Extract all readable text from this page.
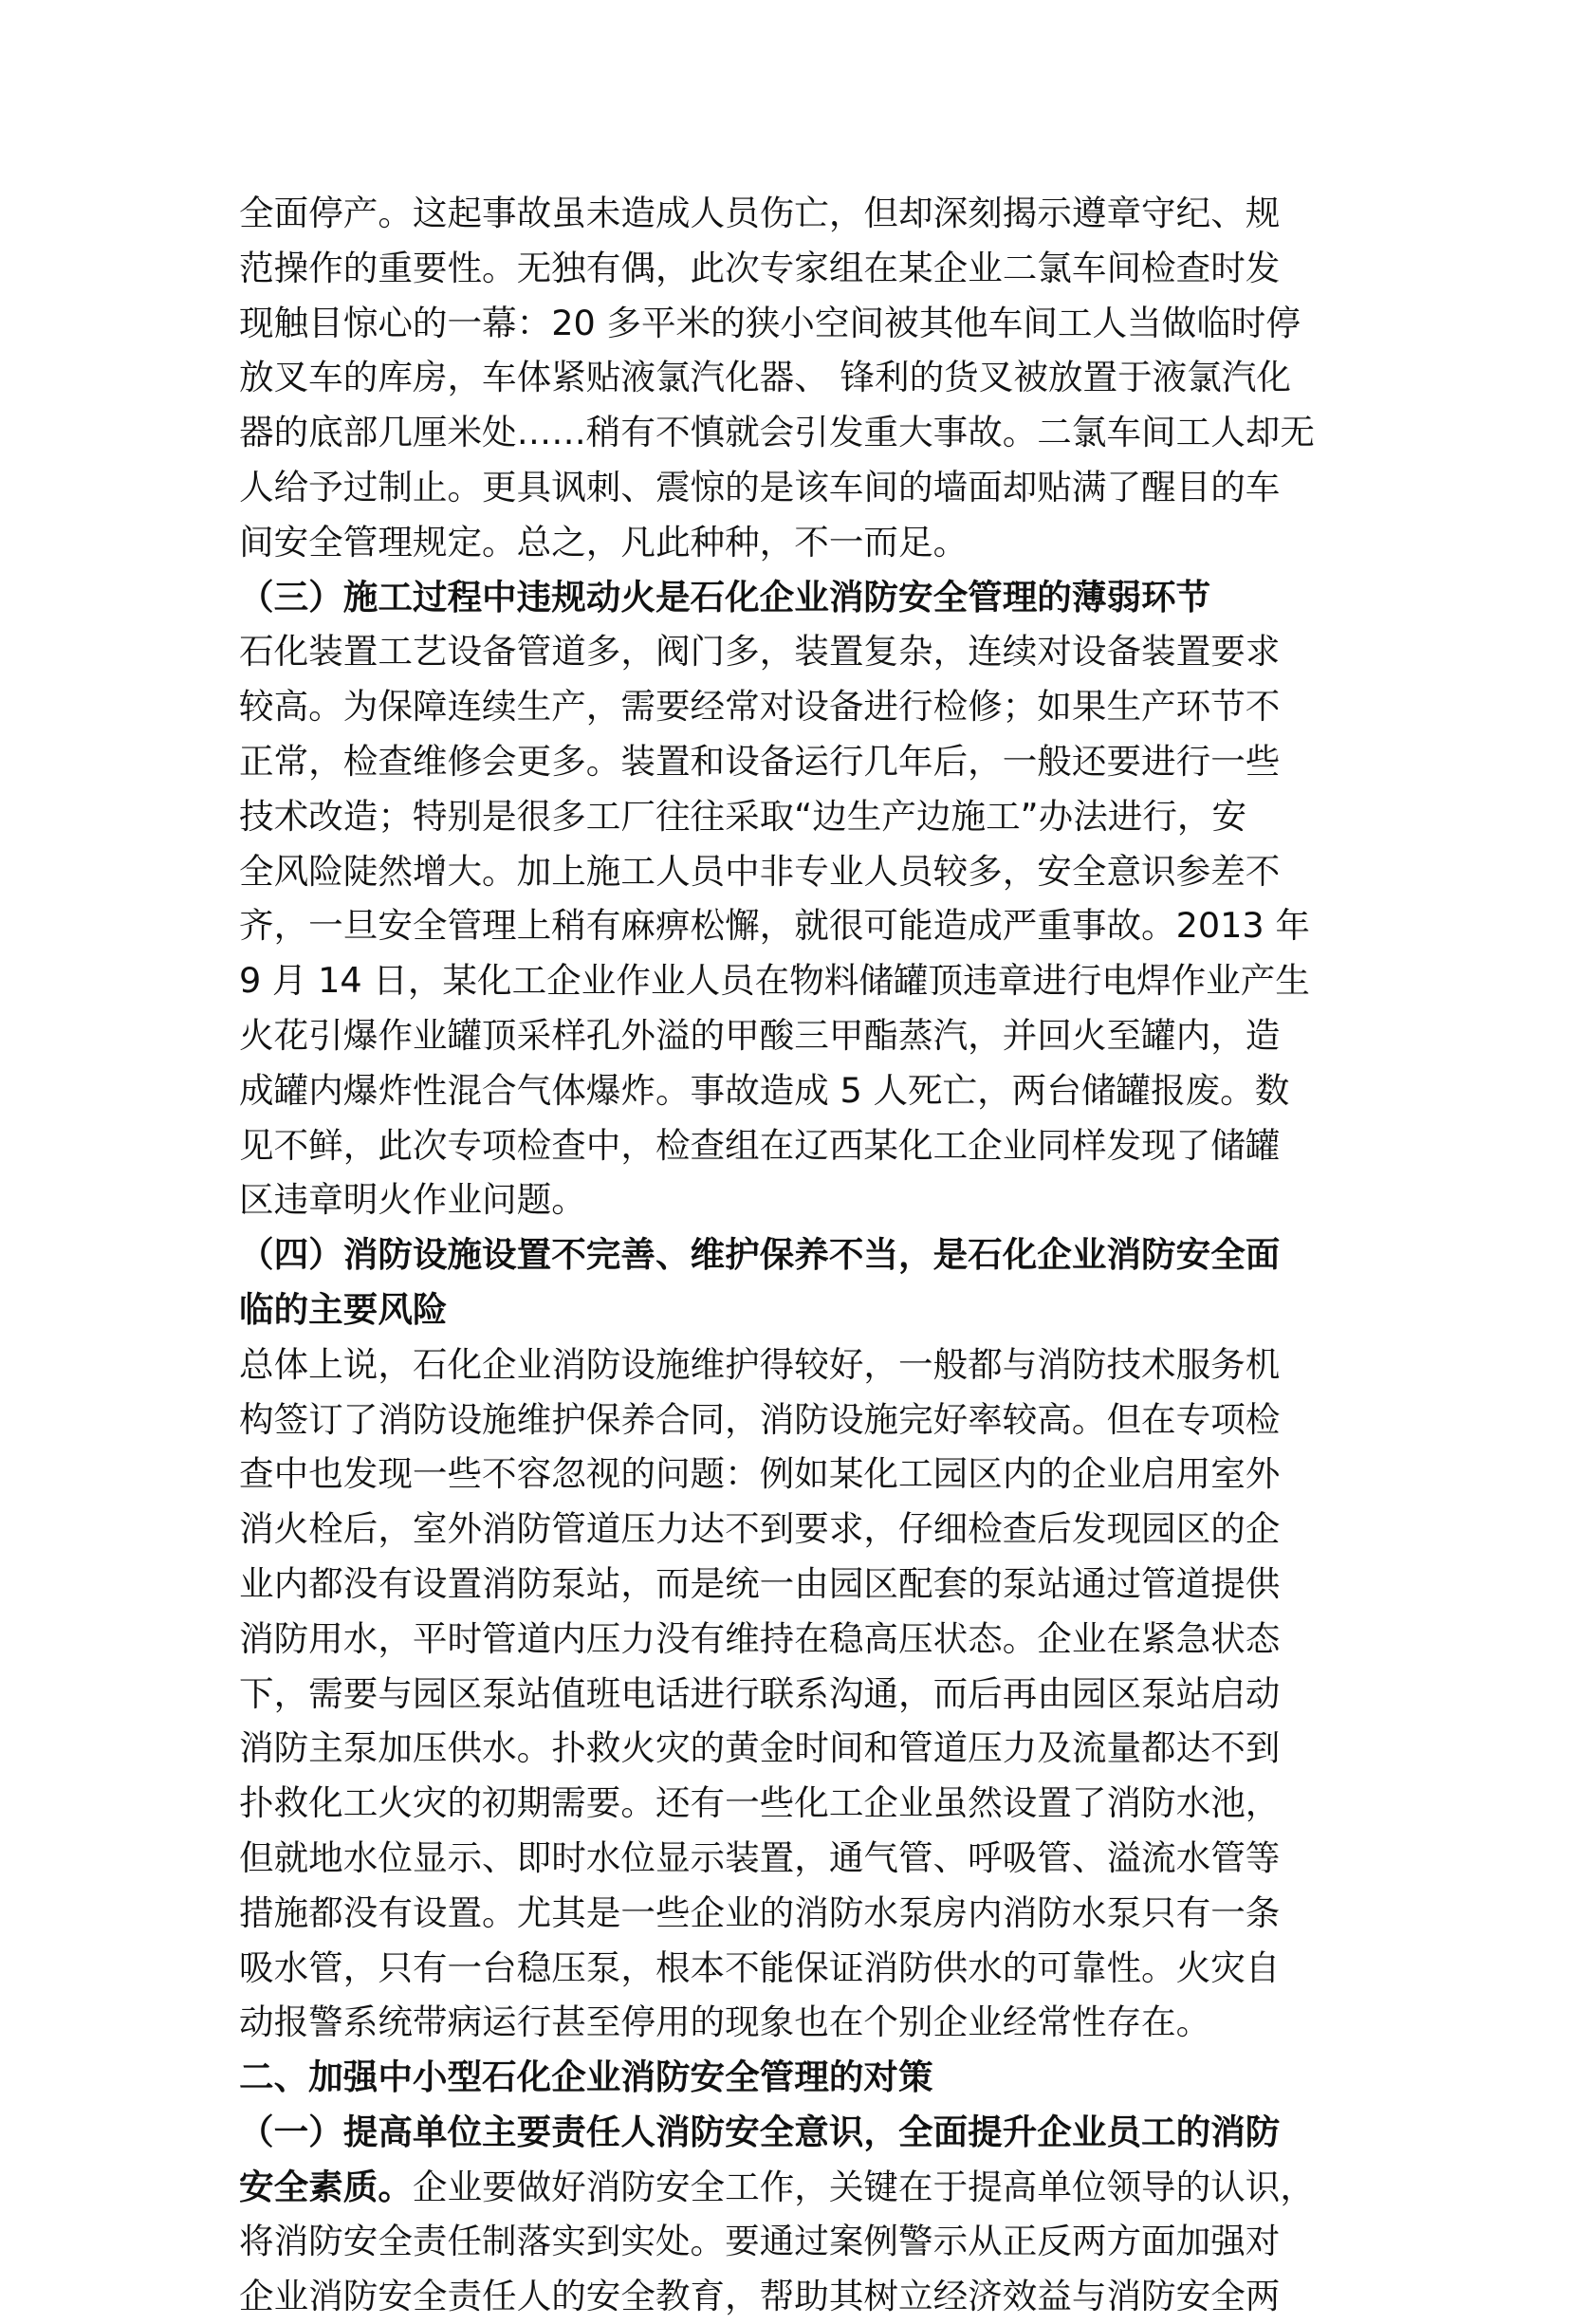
全面停产。这起事故虽未造成人员伤亡，但却深刻揭示遵章守纪、规

范操作的重要性。无独有偶，此次专家组在某企业二氯车间检查时发

现触目惊心的一幕：20 多平米的狭小空间被其他车间工人当做临时停

放叉车的库房，车体紧贴液氯汽化器、 锋利的货叉被放置于液氯汽化

器的底部几厘米处……稍有不慎就会引发重大事故。二氯车间工人却无

人给予过制止。更具讽刺、震惊的是该车间的墙面却贴满了醒目的车

间安全管理规定。总之，凡此种种，不一而足。

（三）施工过程中违规动火是石化企业消防安全管理的薄弱环节

石化装置工艺设备管道多，阀门多，装置复杂，连续对设备装置要求

较高。为保障连续生产，需要经常对设备进行检修；如果生产环节不

正常，检查维修会更多。装置和设备运行几年后，一般还要进行一些

技术改造；特别是很多工厂往往采取“边生产边施工”办法进行，安

全风险陡然增大。加上施工人员中非专业人员较多，安全意识参差不

齐，一旦安全管理上稍有麻痹松懈，就很可能造成严重事故。2013 年

9 月 14 日，某化工企业作业人员在物料储罐顶违章进行电焊作业产生

火花引爆作业罐顶采样孔外溢的甲酸三甲酯蒸汽，并回火至罐内，造

成罐内爆炸性混合气体爆炸。事故造成 5 人死亡，两台储罐报废。数

见不鲜，此次专项检查中，检查组在辽西某化工企业同样发现了储罐

区违章明火作业问题。

（四）消防设施设置不完善、维护保养不当，是石化企业消防安全面

临的主要风险

总体上说，石化企业消防设施维护得较好，一般都与消防技术服务机

构签订了消防设施维护保养合同，消防设施完好率较高。但在专项检

查中也发现一些不容忽视的问题：例如某化工园区内的企业启用室外

消火栓后，室外消防管道压力达不到要求，仔细检查后发现园区的企

业内都没有设置消防泵站，而是统一由园区配套的泵站通过管道提供

消防用水，平时管道内压力没有维持在稳高压状态。企业在紧急状态

下，需要与园区泵站值班电话进行联系沟通，而后再由园区泵站启动

消防主泵加压供水。扑救火灾的黄金时间和管道压力及流量都达不到

扑救化工火灾的初期需要。还有一些化工企业虽然设置了消防水池，

但就地水位显示、即时水位显示装置，通气管、呼吸管、溢流水管等

措施都没有设置。尤其是一些企业的消防水泵房内消防水泵只有一条

吸水管，只有一台稳压泵，根本不能保证消防供水的可靠性。火灾自

动报警系统带病运行甚至停用的现象也在个别企业经常性存在。

二、加强中小型石化企业消防安全管理的对策

（一）提高单位主要责任人消防安全意识，全面提升企业员工的消防

安全素质。企业要做好消防安全工作，关键在于提高单位领导的认识，

将消防安全责任制落实到实处。要通过案例警示从正反两方面加强对

企业消防安全责任人的安全教育，帮助其树立经济效益与消防安全两
